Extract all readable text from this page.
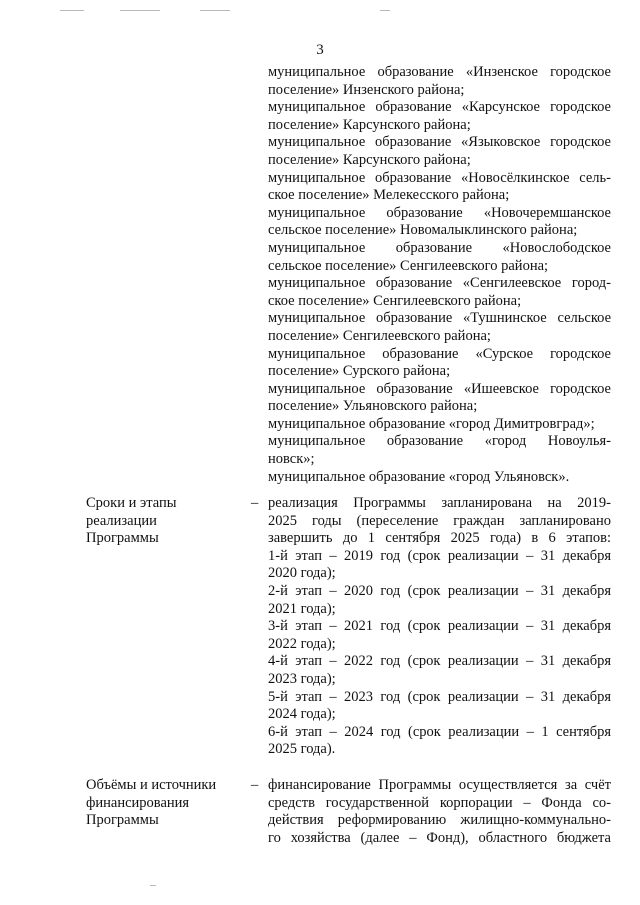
3
муниципальное образование «Инзенское городское
поселение» Инзенского района;
муниципальное образование «Карсунское городское
поселение» Карсунского района;
муниципальное образование «Языковское городское
поселение» Карсунского района;
муниципальное образование «Новосёлкинское сель-
ское поселение» Мелекесского района;
муниципальное образование «Новочеремшанское
сельское поселение» Новомалыклинского района;
муниципальное образование «Новослободское
сельское поселение» Сенгилеевского района;
муниципальное образование «Сенгилеевское город-
ское поселение» Сенгилеевского района;
муниципальное образование «Тушнинское сельское
поселение» Сенгилеевского района;
муниципальное образование «Сурское городское
поселение» Сурского района;
муниципальное образование «Ишеевское городское
поселение» Ульяновского района;
муниципальное образование «город Димитровград»;
муниципальное образование «город Новоулья-
новск»;
муниципальное образование «город Ульяновск».
Сроки и этапы
реализации
Программы
– реализация Программы запланирована на 2019-
2025 годы (переселение граждан запланировано
завершить до 1 сентября 2025 года) в 6 этапов:
1-й этап – 2019 год (срок реализации – 31 декабря
2020 года);
2-й этап – 2020 год (срок реализации – 31 декабря
2021 года);
3-й этап – 2021 год (срок реализации – 31 декабря
2022 года);
4-й этап – 2022 год (срок реализации – 31 декабря
2023 года);
5-й этап – 2023 год (срок реализации – 31 декабря
2024 года);
6-й этап – 2024 год (срок реализации – 1 сентября
2025 года).
Объёмы и источники
финансирования
Программы
– финансирование Программы осуществляется за счёт
средств государственной корпорации – Фонда со-
действия реформированию жилищно-коммунально-
го хозяйства (далее – Фонд), областного бюджета
